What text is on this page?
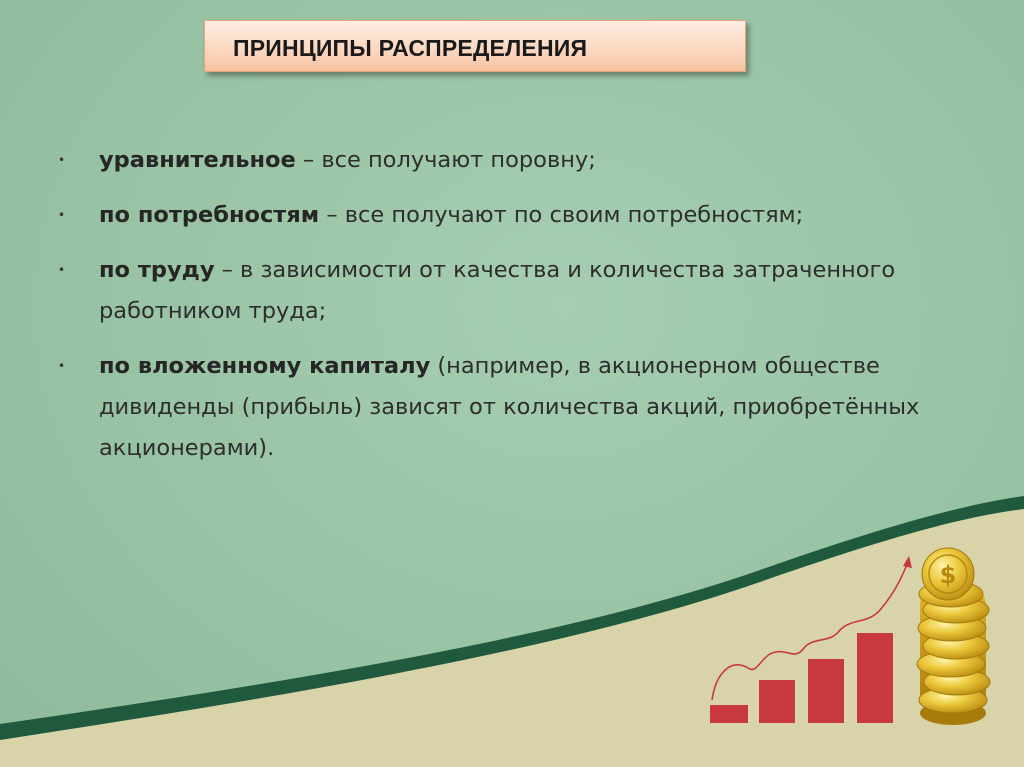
$
ПРИНЦИПЫ РАСПРЕДЕЛЕНИЯ
• уравнительное – все получают поровну;
• по потребностям – все получают по своим потребностям;
• по труду – в зависимости от качества и количества затраченного работником труда;
• по вложенному капиталу (например, в акционерном обществе дивиденды (прибыль) зависят от количества акций, приобретённых акционерами).
